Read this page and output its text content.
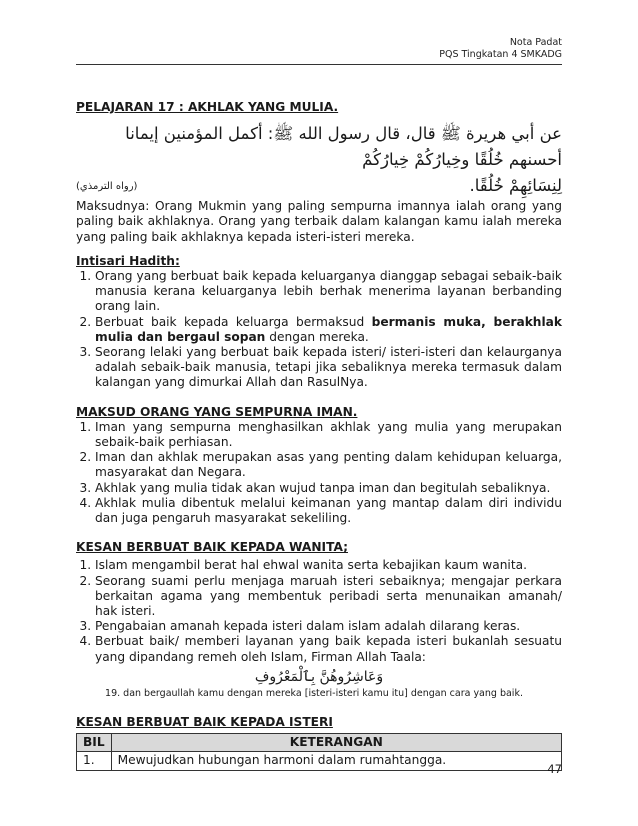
Nota Padat
PQS Tingkatan 4 SMKADG

PELAJARAN 17 : AKHLAK YANG MULIA.

عن أبي هريرة ﷺ قال، قال رسول الله ﷺ: أكمل المؤمنين إيمانا أحسنهم خُلُقًا وخِيارُكُمْ خِيارُكُمْ
لِنِسَائِهِمْ خُلُقًا.
(رواه الترمذي)

Maksudnya: Orang Mukmin yang paling sempurna imannya ialah orang yang paling baik akhlaknya. Orang yang terbaik dalam kalangan kamu ialah mereka yang paling baik akhlaknya kepada isteri-isteri mereka.

Intisari Hadith:

1. Orang yang berbuat baik kepada keluarganya dianggap sebagai sebaik-baik manusia kerana keluarganya lebih berhak menerima layanan berbanding orang lain.
2. Berbuat baik kepada keluarga bermaksud bermanis muka, berakhlak mulia dan bergaul sopan dengan mereka.
3. Seorang lelaki yang berbuat baik kepada isteri/ isteri-isteri dan kelaurganya adalah sebaik-baik manusia, tetapi jika sebaliknya mereka termasuk dalam kalangan yang dimurkai Allah dan RasulNya.

MAKSUD ORANG YANG SEMPURNA IMAN.

1. Iman yang sempurna menghasilkan akhlak yang mulia yang merupakan sebaik-baik perhiasan.
2. Iman dan akhlak merupakan asas yang penting dalam kehidupan keluarga, masyarakat dan Negara.
3. Akhlak yang mulia tidak akan wujud tanpa iman dan begitulah sebaliknya.
4. Akhlak mulia dibentuk melalui keimanan yang mantap dalam diri individu dan juga pengaruh masyarakat sekeliling.

KESAN BERBUAT BAIK KEPADA WANITA;

1. Islam mengambil berat hal ehwal wanita serta kebajikan kaum wanita.
2. Seorang suami perlu menjaga maruah isteri sebaiknya; mengajar perkara berkaitan agama yang membentuk peribadi serta menunaikan amanah/ hak isteri.
3. Pengabaian amanah kepada isteri dalam islam adalah dilarang keras.
4. Berbuat baik/ memberi layanan yang baik kepada isteri bukanlah sesuatu yang dipandang remeh oleh Islam, Firman Allah Taala:
وَعَاشِرُوهُنَّ بِٱلْمَعْرُوفِ
19. dan bergaullah kamu dengan mereka [isteri-isteri kamu itu] dengan cara yang baik.

KESAN BERBUAT BAIK KEPADA ISTERI

BIL	KETERANGAN
1.	Mewujudkan hubungan harmoni dalam rumahtangga.
47
